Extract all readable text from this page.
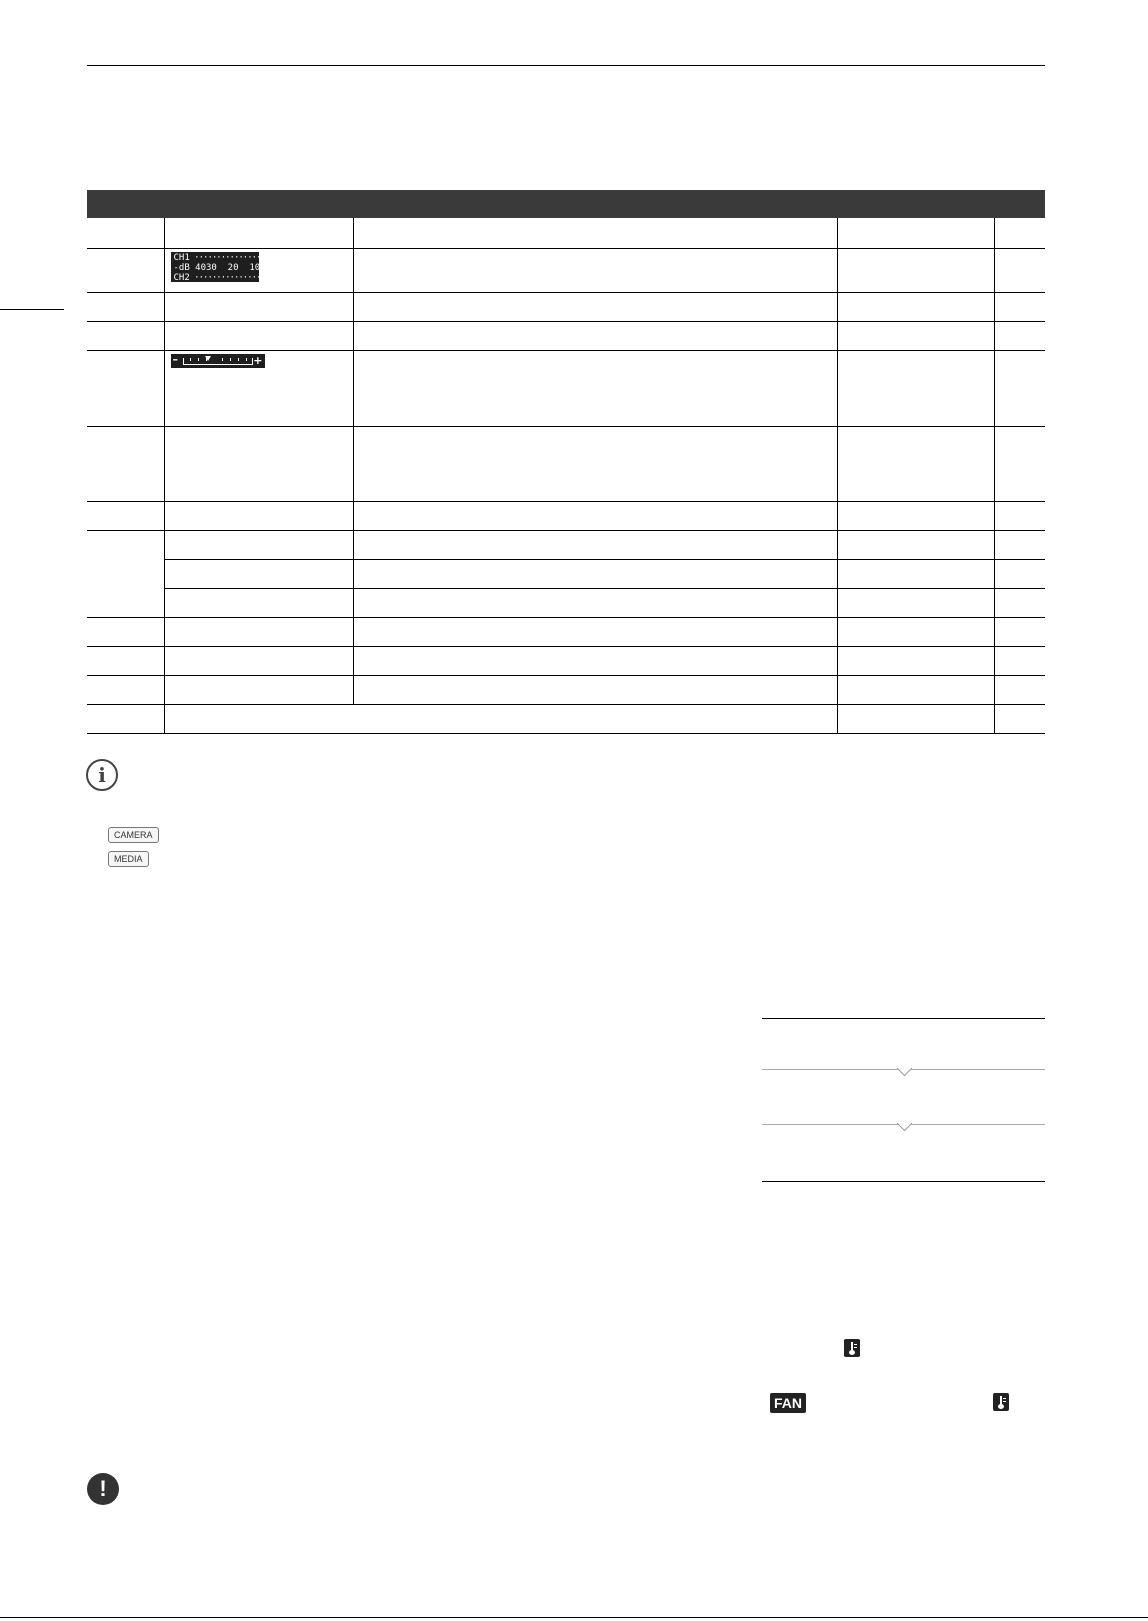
	CH1 ·························–
-dB 4030  20  10   0
CH2 ·························–			

	– +			

i
CAMERA
MEDIA
FAN
!
